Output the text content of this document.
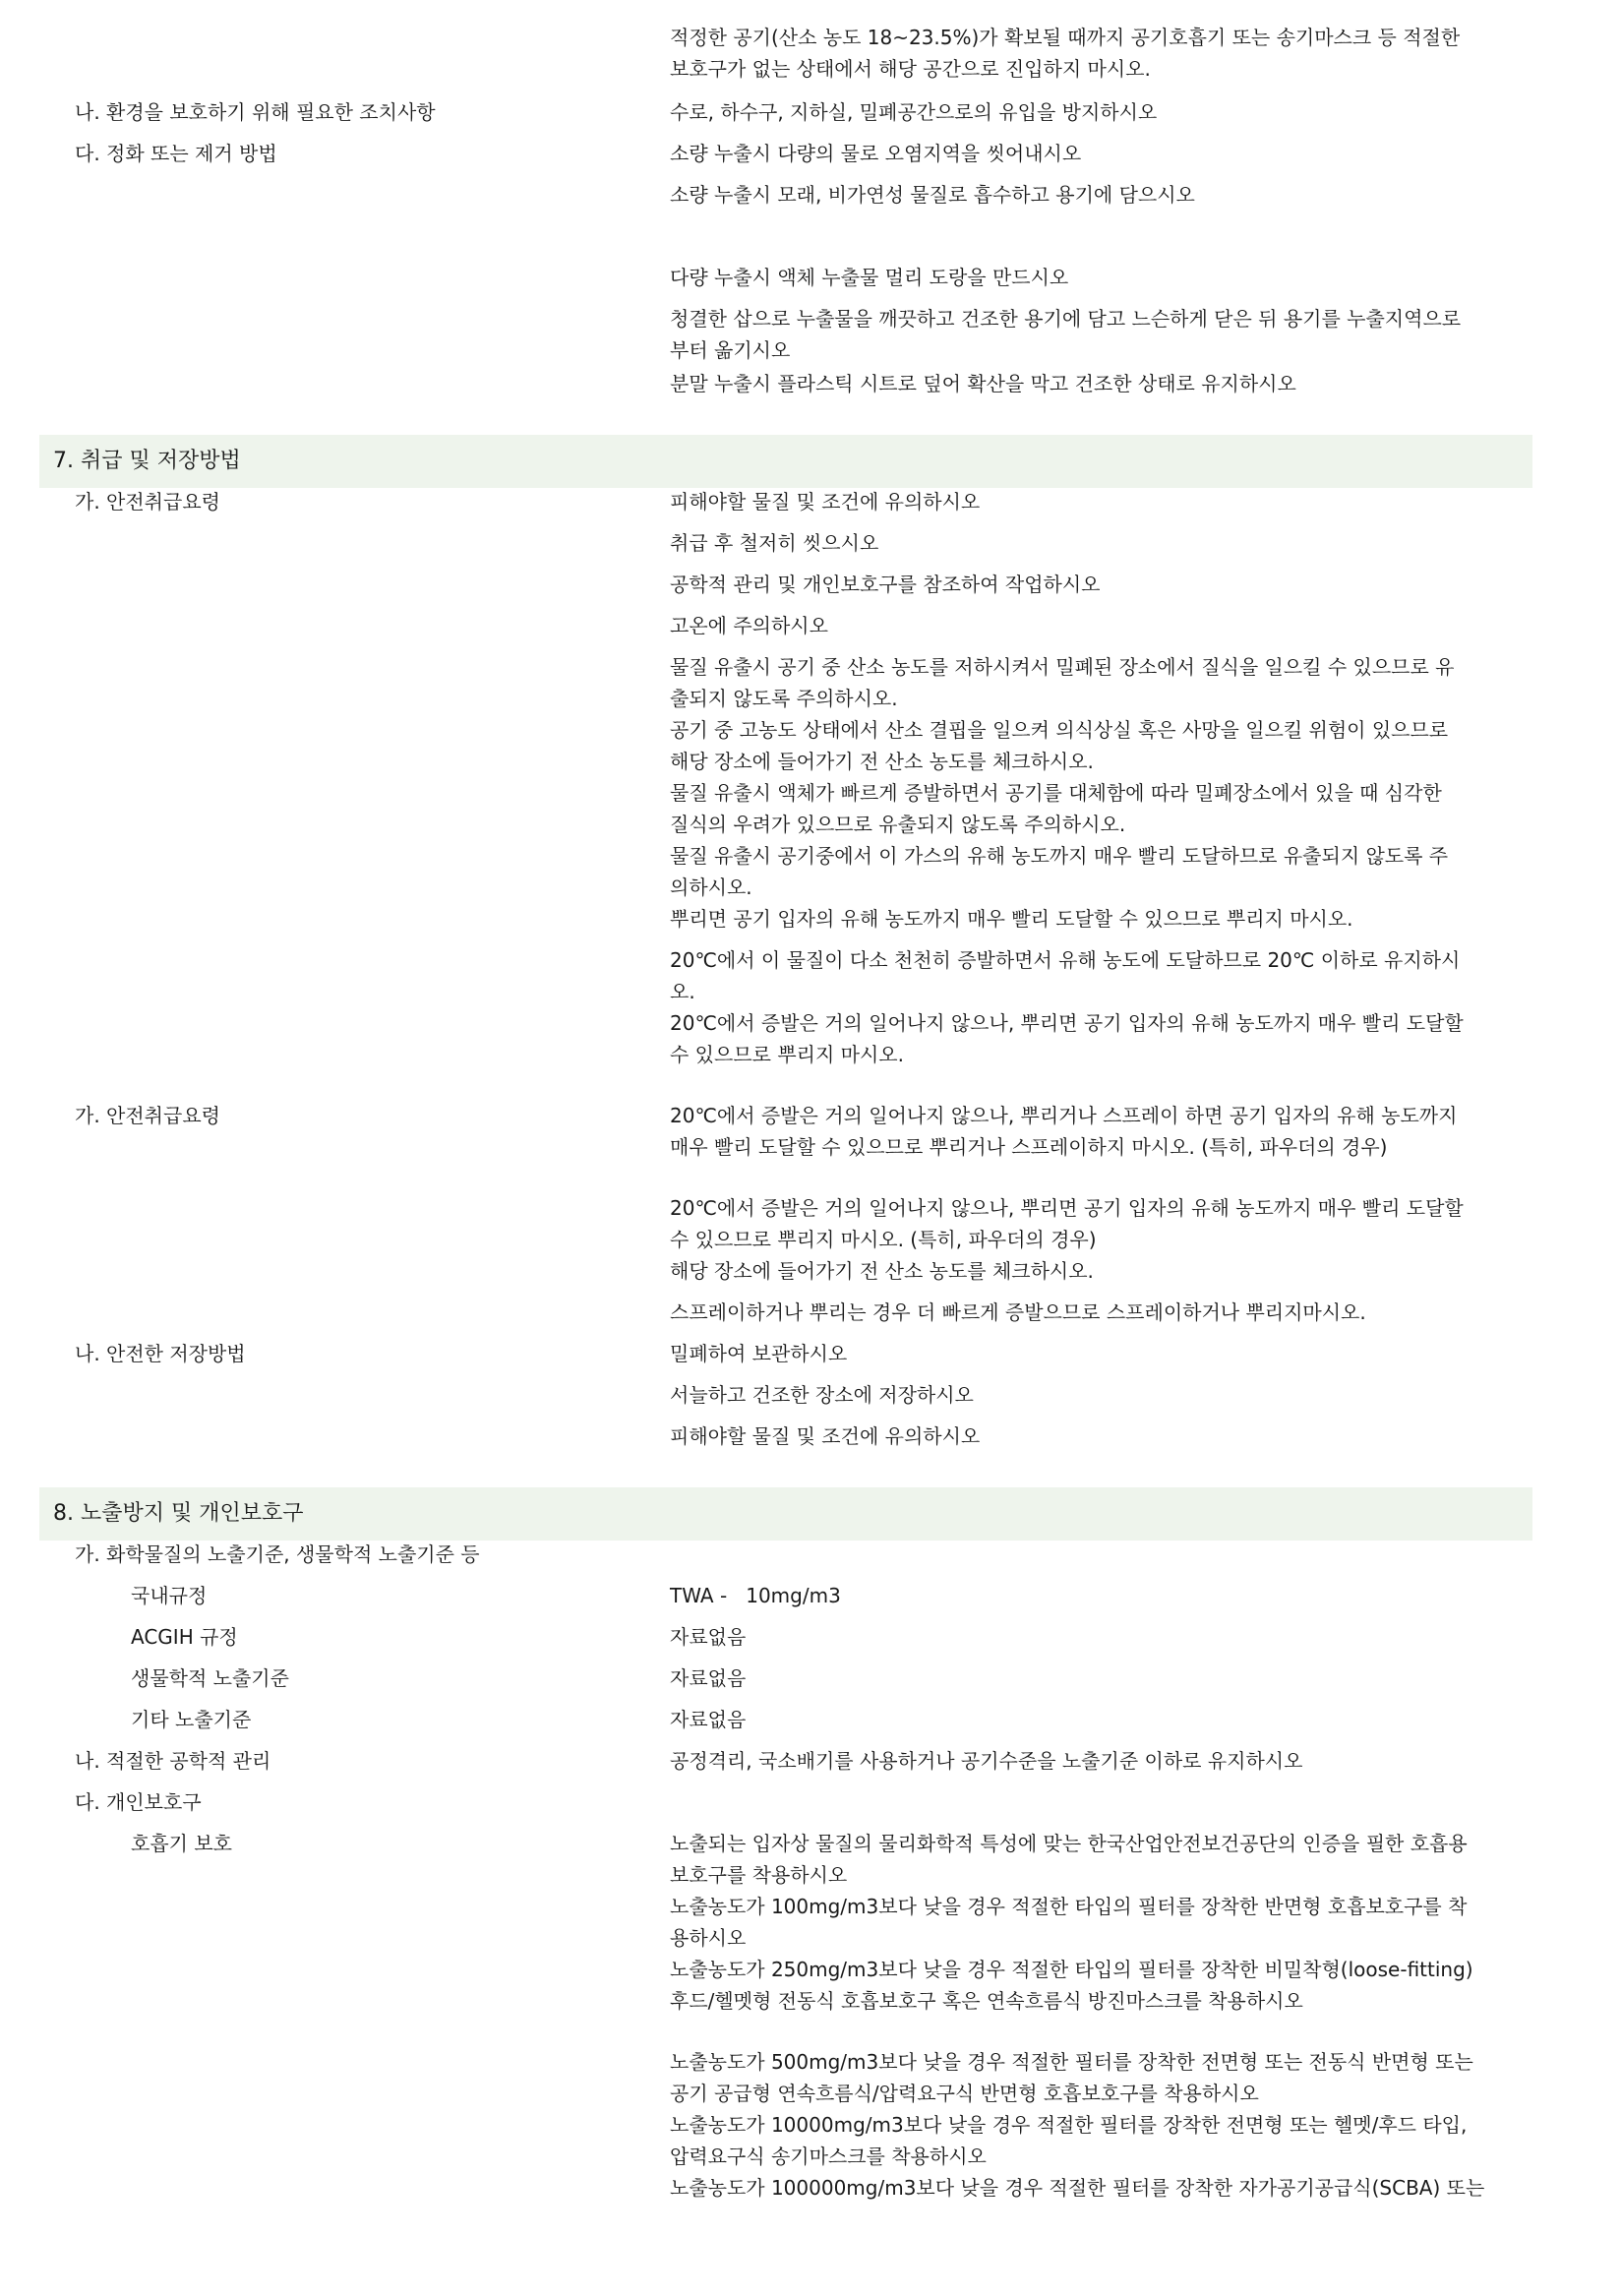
적정한 공기(산소 농도 18~23.5%)가 확보될 때까지 공기호흡기 또는 송기마스크 등 적절한
보호구가 없는 상태에서 해당 공간으로 진입하지 마시오.
나. 환경을 보호하기 위해 필요한 조치사항	수로, 하수구, 지하실, 밀폐공간으로의 유입을 방지하시오
다. 정화 또는 제거 방법	소량 누출시 다량의 물로 오염지역을 씻어내시오
소량 누출시 모래, 비가연성 물질로 흡수하고 용기에 담으시오
다량 누출시 액체 누출물 멀리 도랑을 만드시오
청결한 삽으로 누출물을 깨끗하고 건조한 용기에 담고 느슨하게 닫은 뒤 용기를 누출지역으로
부터 옮기시오
분말 누출시 플라스틱 시트로 덮어 확산을 막고 건조한 상태로 유지하시오
7. 취급 및 저장방법
가. 안전취급요령	피해야할 물질 및 조건에 유의하시오
취급 후 철저히 씻으시오
공학적 관리 및 개인보호구를 참조하여 작업하시오
고온에 주의하시오
물질 유출시 공기 중 산소 농도를 저하시켜서 밀폐된 장소에서 질식을 일으킬 수 있으므로 유
출되지 않도록 주의하시오.
공기 중 고농도 상태에서 산소 결핍을 일으켜 의식상실 혹은 사망을 일으킬 위험이 있으므로
해당 장소에 들어가기 전 산소 농도를 체크하시오.
물질 유출시 액체가 빠르게 증발하면서 공기를 대체함에 따라 밀폐장소에서 있을 때 심각한
질식의 우려가 있으므로 유출되지 않도록 주의하시오.
물질 유출시 공기중에서 이 가스의 유해 농도까지 매우 빨리 도달하므로 유출되지 않도록 주
의하시오.
뿌리면 공기 입자의 유해 농도까지 매우 빨리 도달할 수 있으므로 뿌리지 마시오.
20℃에서 이 물질이 다소 천천히 증발하면서 유해 농도에 도달하므로 20℃ 이하로 유지하시
오.
20℃에서 증발은 거의 일어나지 않으나, 뿌리면 공기 입자의 유해 농도까지 매우 빨리 도달할
수 있으므로 뿌리지 마시오.
가. 안전취급요령	20℃에서 증발은 거의 일어나지 않으나, 뿌리거나 스프레이 하면 공기 입자의 유해 농도까지
매우 빨리 도달할 수 있으므로 뿌리거나 스프레이하지 마시오. (특히, 파우더의 경우)
20℃에서 증발은 거의 일어나지 않으나, 뿌리면 공기 입자의 유해 농도까지 매우 빨리 도달할
수 있으므로 뿌리지 마시오. (특히, 파우더의 경우)
해당 장소에 들어가기 전 산소 농도를 체크하시오.
스프레이하거나 뿌리는 경우 더 빠르게 증발으므로 스프레이하거나 뿌리지마시오.
나. 안전한 저장방법	밀폐하여 보관하시오
서늘하고 건조한 장소에 저장하시오
피해야할 물질 및 조건에 유의하시오
8. 노출방지 및 개인보호구
가. 화학물질의 노출기준, 생물학적 노출기준 등
국내규정	TWA -   10mg/m3
ACGIH 규정	자료없음
생물학적 노출기준	자료없음
기타 노출기준	자료없음
나. 적절한 공학적 관리	공정격리, 국소배기를 사용하거나 공기수준을 노출기준 이하로 유지하시오
다. 개인보호구
호흡기 보호	노출되는 입자상 물질의 물리화학적 특성에 맞는 한국산업안전보건공단의 인증을 필한 호흡용
보호구를 착용하시오
노출농도가 100mg/m3보다 낮을 경우 적절한 타입의 필터를 장착한 반면형 호흡보호구를 착
용하시오
노출농도가 250mg/m3보다 낮을 경우 적절한 타입의 필터를 장착한 비밀착형(loose-fitting)
후드/헬멧형 전동식 호흡보호구 혹은 연속흐름식 방진마스크를 착용하시오
노출농도가 500mg/m3보다 낮을 경우 적절한 필터를 장착한 전면형 또는 전동식 반면형 또는
공기 공급형 연속흐름식/압력요구식 반면형 호흡보호구를 착용하시오
노출농도가 10000mg/m3보다 낮을 경우 적절한 필터를 장착한 전면형 또는 헬멧/후드 타입,
압력요구식 송기마스크를 착용하시오
노출농도가 100000mg/m3보다 낮을 경우 적절한 필터를 장착한 자가공기공급식(SCBA) 또는
